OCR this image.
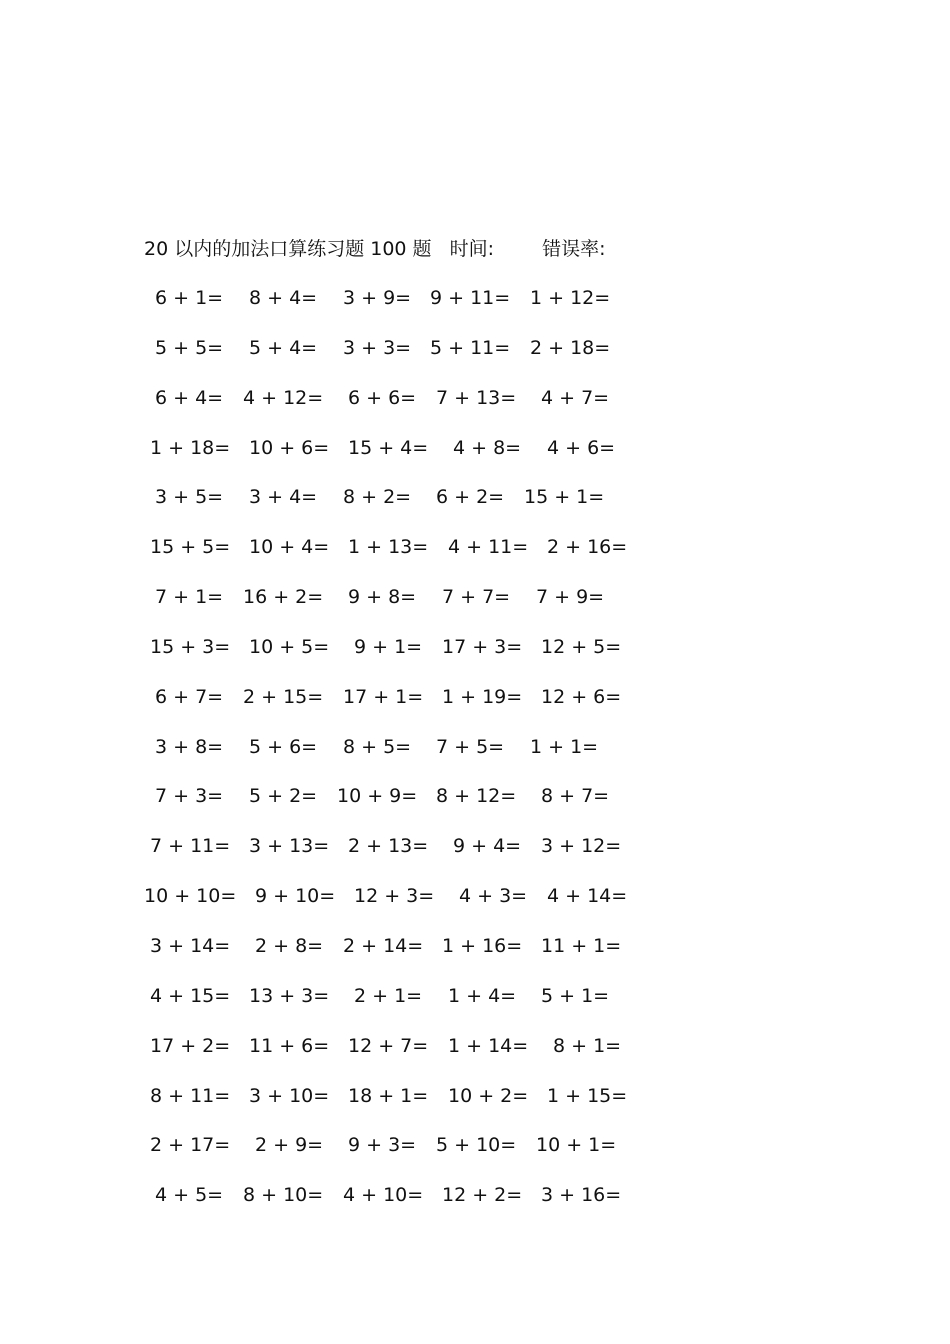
20 以内的加法口算练习题 100 题 时间:	错误率:
6 + 1= 8 + 4= 3 + 9= 9 + 11= 1 + 12=
5 + 5= 5 + 4= 3 + 3= 5 + 11= 2 + 18=
6 + 4= 4 + 12= 6 + 6= 7 + 13= 4 + 7=
1 + 18= 10 + 6= 15 + 4= 4 + 8= 4 + 6=
3 + 5= 3 + 4= 8 + 2= 6 + 2= 15 + 1=
15 + 5= 10 + 4= 1 + 13= 4 + 11= 2 + 16=
7 + 1= 16 + 2= 9 + 8= 7 + 7= 7 + 9=
15 + 3= 10 + 5= 9 + 1= 17 + 3= 12 + 5=
6 + 7= 2 + 15= 17 + 1= 1 + 19= 12 + 6=
3 + 8= 5 + 6= 8 + 5= 7 + 5= 1 + 1=
7 + 3= 5 + 2= 10 + 9= 8 + 12= 8 + 7=
7 + 11= 3 + 13= 2 + 13= 9 + 4= 3 + 12=
10 + 10= 9 + 10= 12 + 3= 4 + 3= 4 + 14=
3 + 14= 2 + 8= 2 + 14= 1 + 16= 11 + 1=
4 + 15= 13 + 3= 2 + 1= 1 + 4= 5 + 1=
17 + 2= 11 + 6= 12 + 7= 1 + 14= 8 + 1=
8 + 11= 3 + 10= 18 + 1= 10 + 2= 1 + 15=
2 + 17= 2 + 9= 9 + 3= 5 + 10= 10 + 1=
4 + 5= 8 + 10= 4 + 10= 12 + 2= 3 + 16=
